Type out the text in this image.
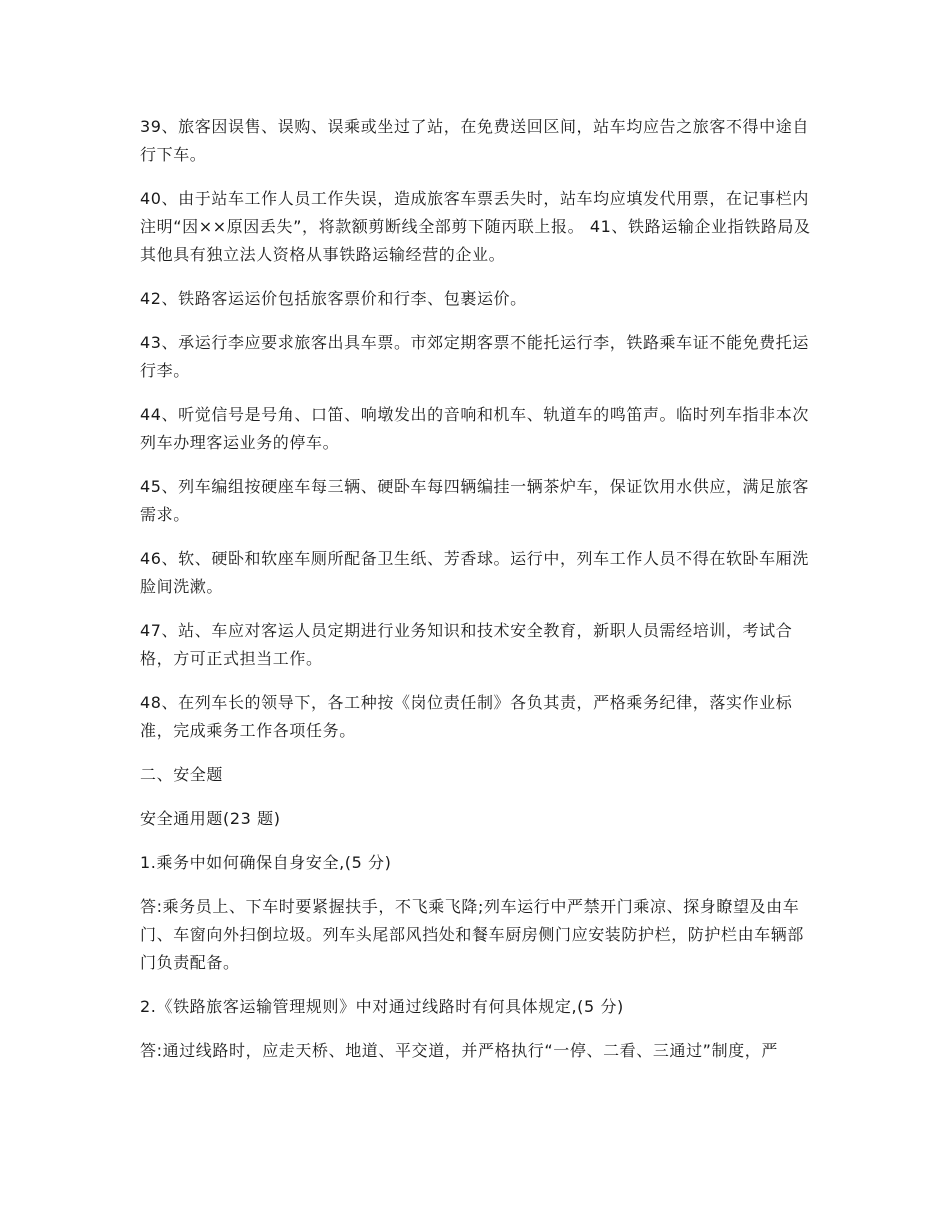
39、旅客因误售、误购、误乘或坐过了站，在免费送回区间，站车均应告之旅客不得中途自行下车。

40、由于站车工作人员工作失误，造成旅客车票丢失时，站车均应填发代用票，在记事栏内注明“因××原因丢失”，将款额剪断线全部剪下随丙联上报。 41、铁路运输企业指铁路局及其他具有独立法人资格从事铁路运输经营的企业。

42、铁路客运运价包括旅客票价和行李、包裹运价。

43、承运行李应要求旅客出具车票。市郊定期客票不能托运行李，铁路乘车证不能免费托运行李。

44、听觉信号是号角、口笛、响墩发出的音响和机车、轨道车的鸣笛声。临时列车指非本次列车办理客运业务的停车。

45、列车编组按硬座车每三辆、硬卧车每四辆编挂一辆茶炉车，保证饮用水供应，满足旅客需求。

46、软、硬卧和软座车厕所配备卫生纸、芳香球。运行中，列车工作人员不得在软卧车厢洗脸间洗漱。

47、站、车应对客运人员定期进行业务知识和技术安全教育，新职人员需经培训，考试合格，方可正式担当工作。

48、在列车长的领导下，各工种按《岗位责任制》各负其责，严格乘务纪律，落实作业标准，完成乘务工作各项任务。

二、安全题

安全通用题(23 题)

1.乘务中如何确保自身安全,(5 分)

答:乘务员上、下车时要紧握扶手，不飞乘飞降;列车运行中严禁开门乘凉、探身瞭望及由车门、车窗向外扫倒垃圾。列车头尾部风挡处和餐车厨房侧门应安装防护栏，防护栏由车辆部门负责配备。

2.《铁路旅客运输管理规则》中对通过线路时有何具体规定,(5 分)

答:通过线路时，应走天桥、地道、平交道，并严格执行“一停、二看、三通过”制度，严
